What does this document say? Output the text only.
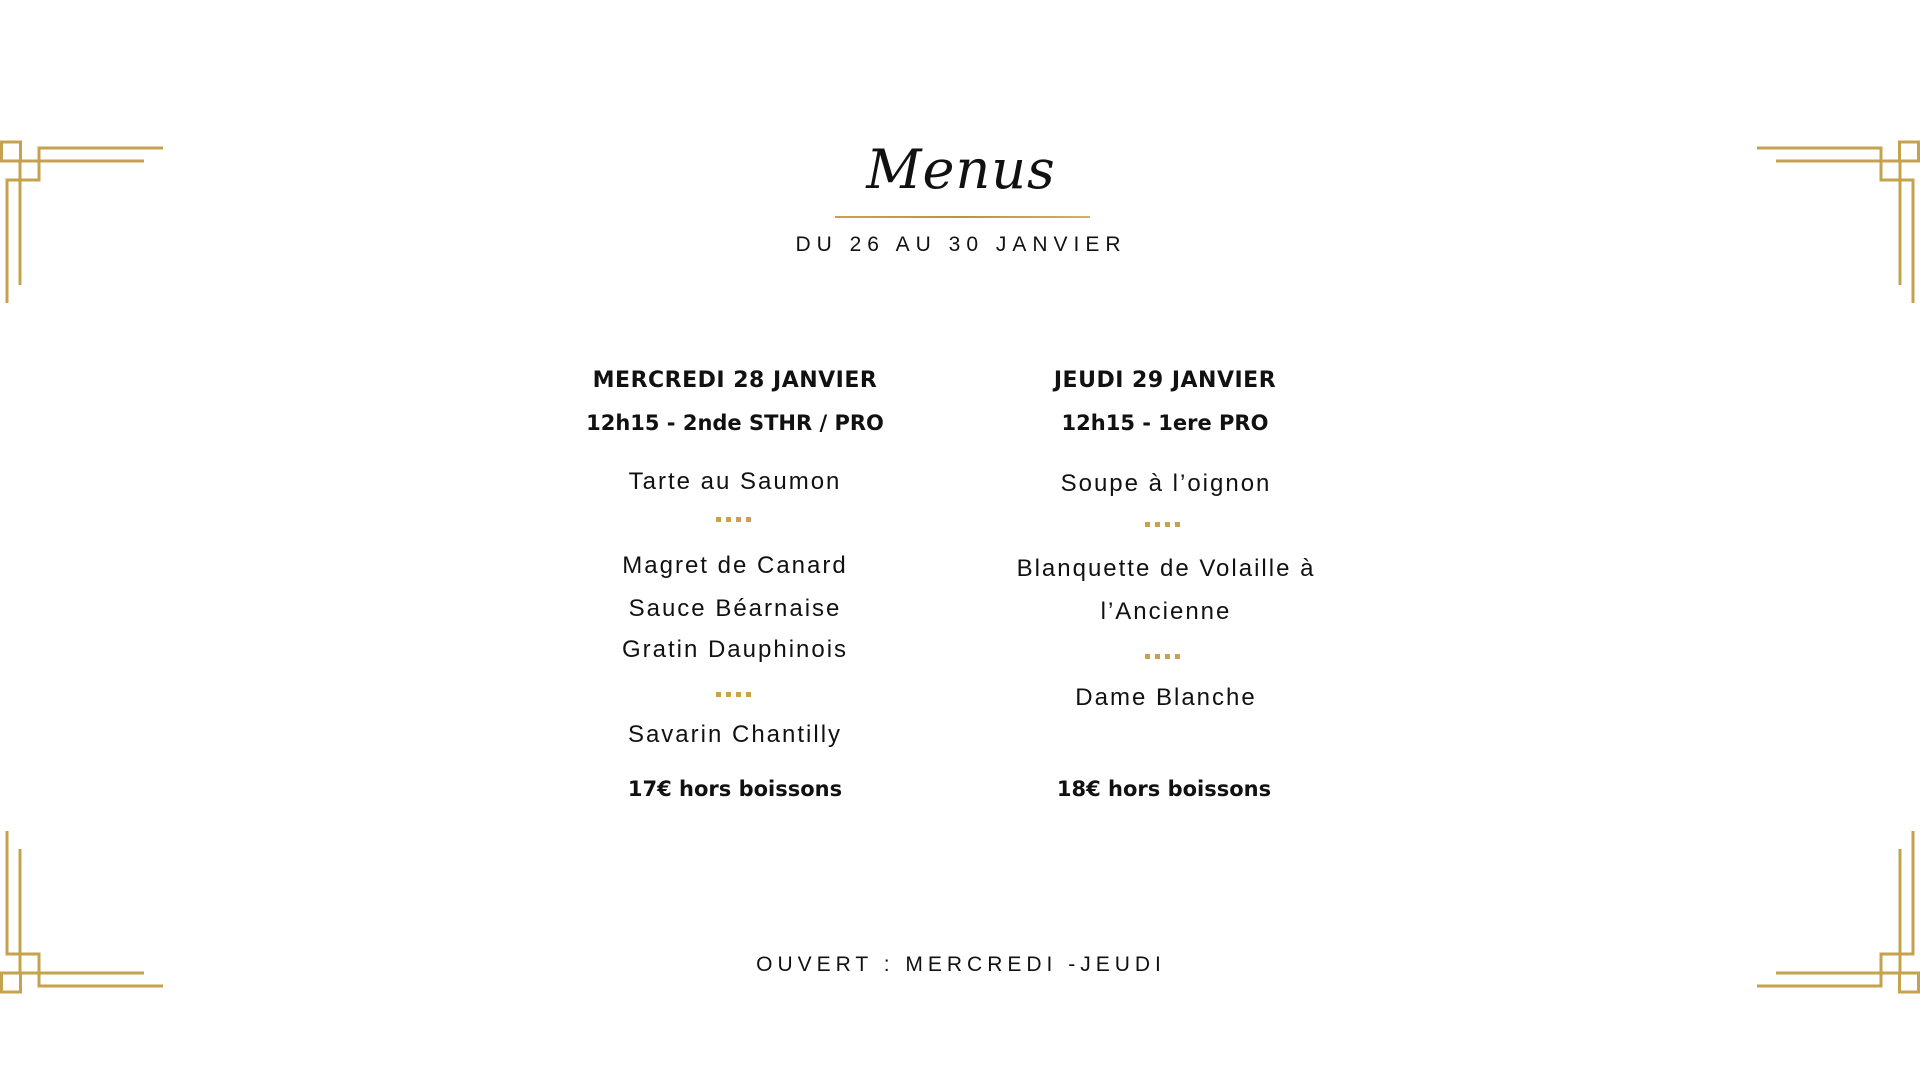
Menus
DU 26 AU 30 JANVIER
MERCREDI 28 JANVIER
12h15 - 2nde STHR / PRO
Tarte au Saumon
Magret de Canard
Sauce Béarnaise
Gratin Dauphinois
Savarin Chantilly
17€ hors boissons
JEUDI 29 JANVIER
12h15 - 1ere PRO
Soupe à l’oignon
Blanquette de Volaille à
l’Ancienne
Dame Blanche
18€ hors boissons
OUVERT : MERCREDI -JEUDI
